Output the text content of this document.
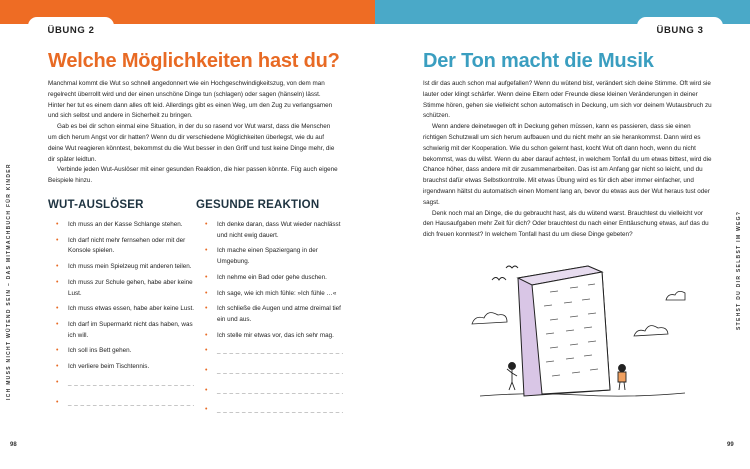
ÜBUNG 2
Welche Möglichkeiten hast du?

Manchmal kommt die Wut so schnell angedonnert wie ein Hochgeschwindigkeitszug, von dem man regelrecht überrollt wird und der einen unschöne Dinge tun (schlagen) oder sagen (hänseln) lässt. Hinter her tut es einem dann alles oft leid. Allerdings gibt es einen Weg, um den Zug zu verlangsamen und sich selbst und andere in Sicherheit zu bringen.

Gab es bei dir schon einmal eine Situation, in der du so rasend vor Wut warst, dass die Menschen um dich herum Angst vor dir hatten? Wenn du dir verschiedene Möglichkeiten überlegst, wie du auf deine Wut reagieren könntest, bekommst du die Wut besser in den Griff und tust keine Dinge mehr, die dir später leidtun.

Verbinde jeden Wut-Auslöser mit einer gesunden Reaktion, die hier passen könnte. Füg auch eigene Beispiele hinzu.

WUT-AUSLÖSER	GESUNDE REAKTION
• Ich muss an der Kasse Schlange stehen.
• Ich darf nicht mehr fernsehen oder mit der Konsole spielen.
• Ich muss mein Spielzeug mit anderen teilen.
• Ich muss zur Schule gehen, habe aber keine Lust.
• Ich muss etwas essen, habe aber keine Lust.
• Ich darf im Supermarkt nicht das haben, was ich will.
• Ich soll ins Bett gehen.
• Ich verliere beim Tischtennis.
• _ _ _
• _ _ _
• Ich denke daran, dass Wut wieder nachlässt und nicht ewig dauert.
• Ich mache einen Spaziergang in der Umgebung.
• Ich nehme ein Bad oder gehe duschen.
• Ich sage, wie ich mich fühle: »Ich fühle …«
• Ich schließe die Augen und atme dreimal tief ein und aus.
• Ich stelle mir etwas vor, das ich sehr mag.
• _ _ _
• _ _ _
• _ _ _
• _ _ _
ICH MUSS NICHT WÜTEND SEIN – DAS MITMACHBUCH FÜR KINDER
98
ÜBUNG 3
Der Ton macht die Musik

Ist dir das auch schon mal aufgefallen? Wenn du wütend bist, verändert sich deine Stimme. Oft wird sie lauter oder klingt schärfer. Wenn deine Eltern oder Freunde diese kleinen Veränderungen in deiner Stimme hören, gehen sie vielleicht schon automatisch in Deckung, um sich vor deinem Wutausbruch zu schützen.

Wenn andere deinetwegen oft in Deckung gehen müssen, kann es passieren, dass sie einen richtigen Schutzwall um sich herum aufbauen und du nicht mehr an sie herankommst. Dann wird es schwierig mit der Kooperation. Wie du schon gelernt hast, kocht Wut oft dann hoch, wenn du nicht bekommst, was du willst. Wenn du aber darauf achtest, in welchem Tonfall du um etwas bittest, wird die Chance höher, dass andere mit dir zusammenarbeiten. Das ist am Anfang gar nicht so leicht, und du brauchst dafür etwas Selbstkontrolle. Mit etwas Übung wird es für dich aber immer einfacher, und irgendwann hältst du automatisch einen Moment lang an, bevor du etwas aus der Wut heraus tust oder sagst.

Denk noch mal an Dinge, die du gebraucht hast, als du wütend warst. Brauchtest du vielleicht vor den Hausaufgaben mehr Zeit für dich? Oder brauchtest du nach einer Enttäuschung etwas, auf das du dich freuen konntest? In welchem Tonfall hast du um diese Dinge gebeten?	STEHST DU DIR SELBST IM WEG?
99
